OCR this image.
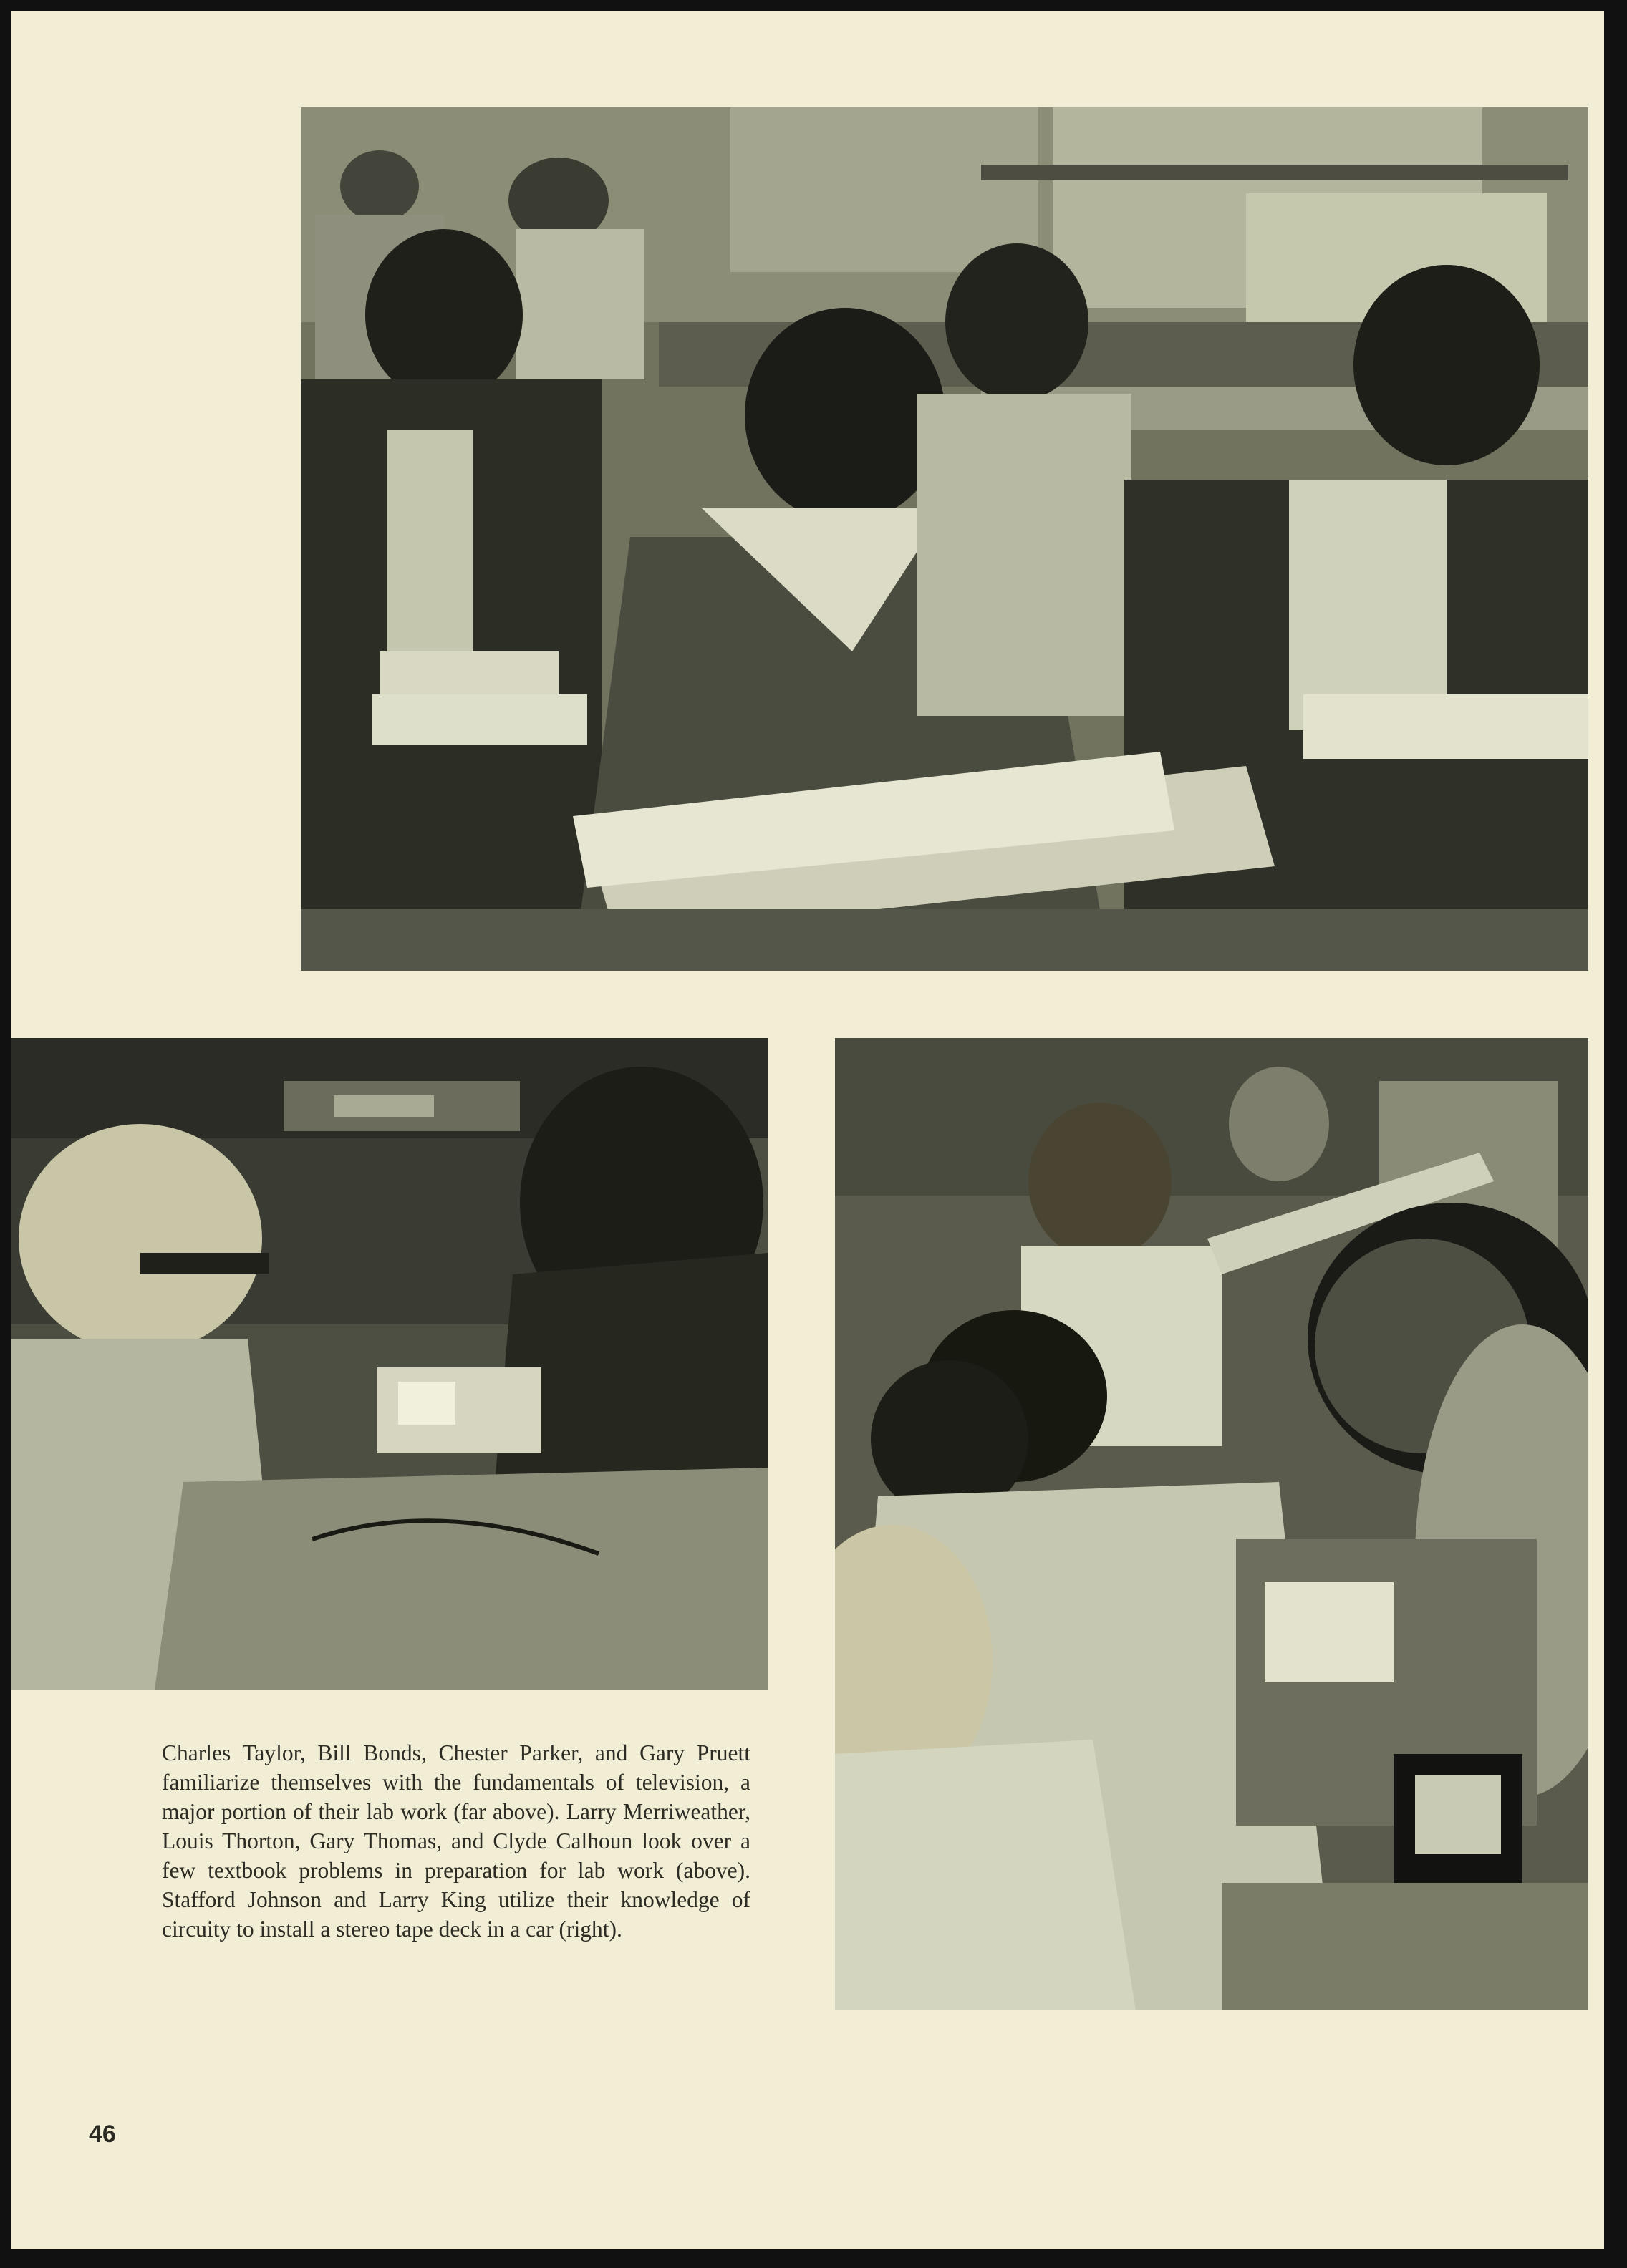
Charles Taylor, Bill Bonds, Chester Parker, and Gary Pruett familiarize themselves with the fundamentals of television, a major portion of their lab work (far above). Larry Merriweather, Louis Thorton, Gary Thomas, and Clyde Calhoun look over a few textbook problems in preparation for lab work (above). Stafford Johnson and Larry King utilize their knowledge of circuity to install a stereo tape deck in a car (right).

46
